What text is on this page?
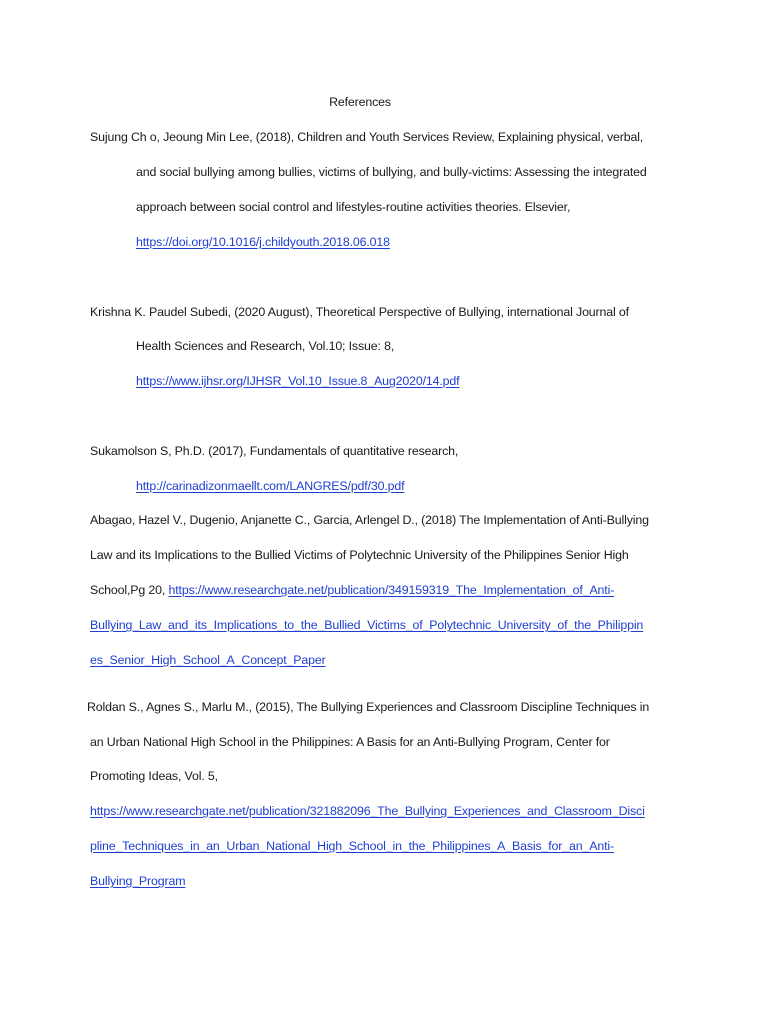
References
Sujung Ch o, Jeoung Min Lee, (2018), Children and Youth Services Review, Explaining physical, verbal,
and social bullying among bullies, victims of bullying, and bully-victims: Assessing the integrated
approach between social control and lifestyles-routine activities theories. Elsevier,
https://doi.org/10.1016/j.childyouth.2018.06.018
Krishna K. Paudel Subedi, (2020 August), Theoretical Perspective of Bullying, international Journal of
Health Sciences and Research, Vol.10; Issue: 8,
https://www.ijhsr.org/IJHSR_Vol.10_Issue.8_Aug2020/14.pdf
Sukamolson S, Ph.D. (2017), Fundamentals of quantitative research,
http://carinadizonmaellt.com/LANGRES/pdf/30.pdf
Abagao, Hazel V., Dugenio, Anjanette C., Garcia, Arlengel D., (2018) The Implementation of Anti-Bullying
Law and its Implications to the Bullied Victims of Polytechnic University of the Philippines Senior High
School,Pg 20, https://www.researchgate.net/publication/349159319_The_Implementation_of_Anti-
Bullying_Law_and_its_Implications_to_the_Bullied_Victims_of_Polytechnic_University_of_the_Philippin
es_Senior_High_School_A_Concept_Paper
Roldan S., Agnes S., Marlu M., (2015), The Bullying Experiences and Classroom Discipline Techniques in
an Urban National High School in the Philippines: A Basis for an Anti-Bullying Program, Center for
Promoting Ideas, Vol. 5,
https://www.researchgate.net/publication/321882096_The_Bullying_Experiences_and_Classroom_Disci
pline_Techniques_in_an_Urban_National_High_School_in_the_Philippines_A_Basis_for_an_Anti-
Bullying_Program
